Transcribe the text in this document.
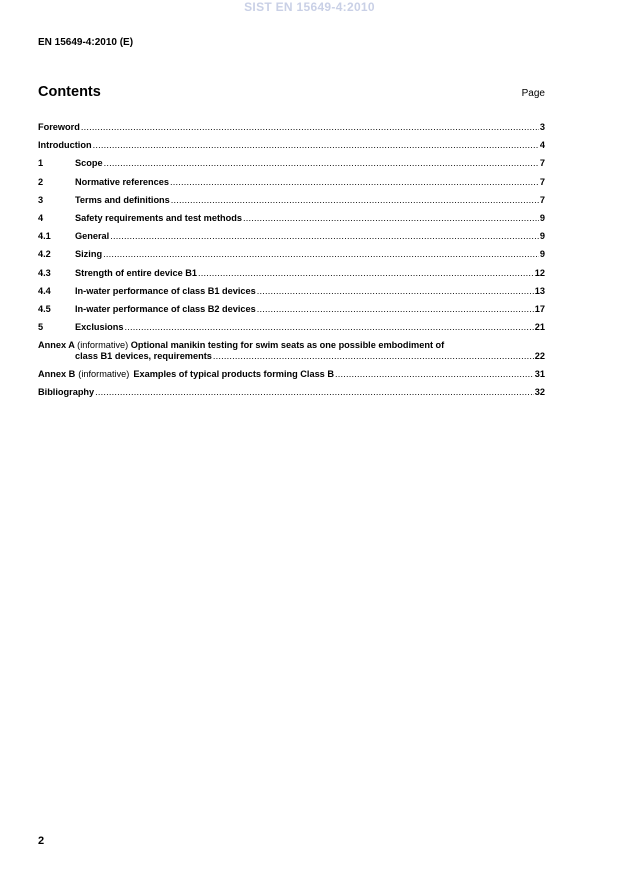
SIST EN 15649-4:2010
EN 15649-4:2010 (E)
Contents	Page
Foreword .....	3
Introduction .....	4
1	Scope .....	7
2	Normative references .....	7
3	Terms and definitions .....	7
4	Safety requirements and test methods .....	9
4.1	General .....	9
4.2	Sizing .....	9
4.3	Strength of entire device B1 .....	12
4.4	In-water performance of class B1 devices .....	13
4.5	In-water performance of class B2 devices .....	17
5	Exclusions .....	21
Annex A (informative) Optional manikin testing for swim seats as one possible embodiment of
class B1 devices, requirements .....	22
Annex B (informative) Examples of typical products forming Class B .....	31
Bibliography .....	32
2
